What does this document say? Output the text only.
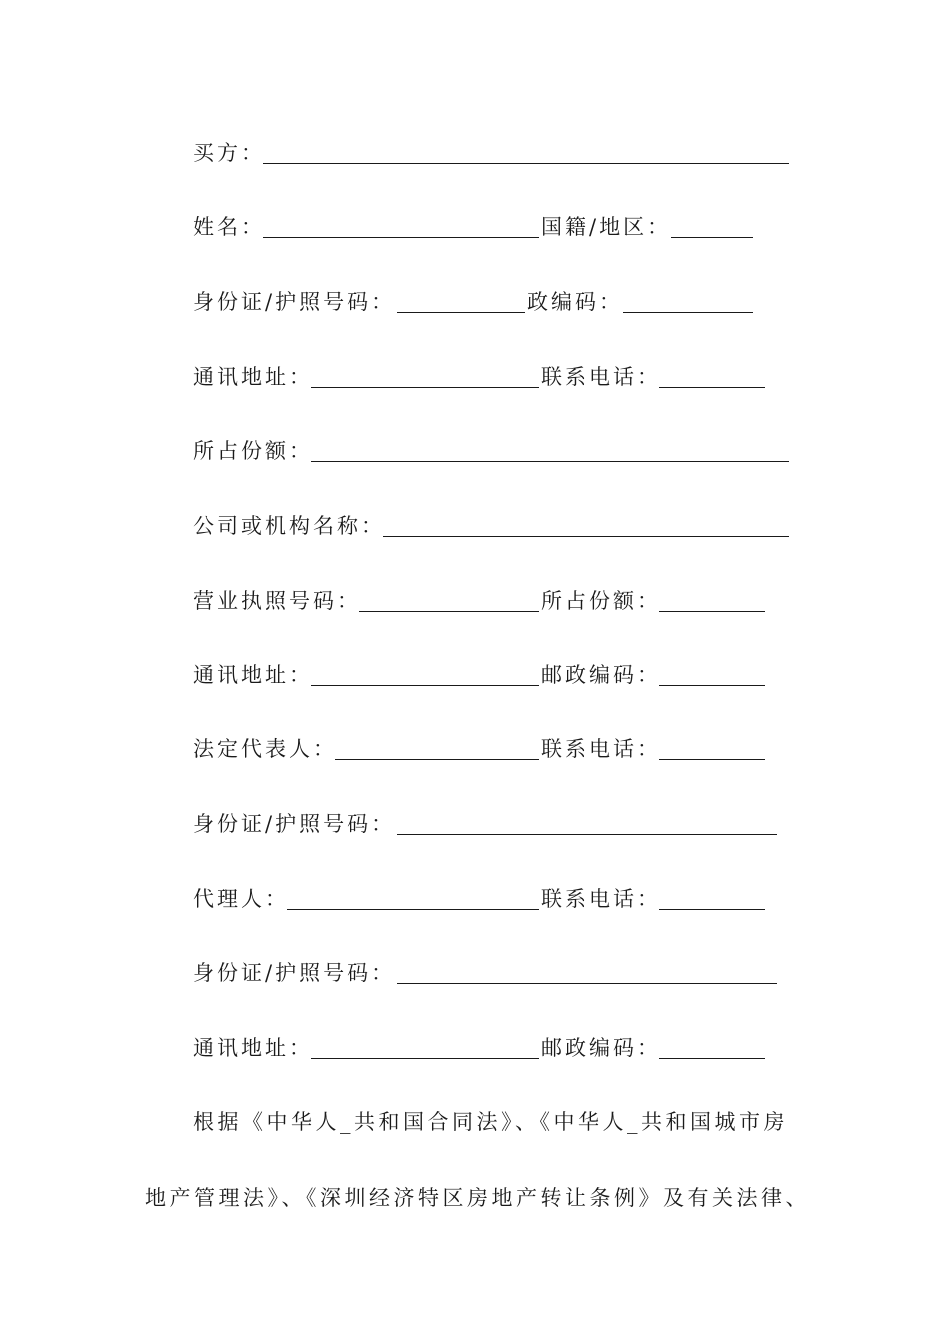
买方：
姓名：	国籍/地区：
身份证/护照号码：	政编码：
通讯地址：	联系电话：
所占份额：
公司或机构名称：
营业执照号码：	所占份额：
通讯地址：	邮政编码：
法定代表人：	联系电话：
身份证/护照号码：
代理人：	联系电话：
身份证/护照号码：
通讯地址：	邮政编码：
根据《中华人_共和国合同法》、《中华人_共和国城市房
地产管理法》、《深圳经济特区房地产转让条例》及有关法律、
